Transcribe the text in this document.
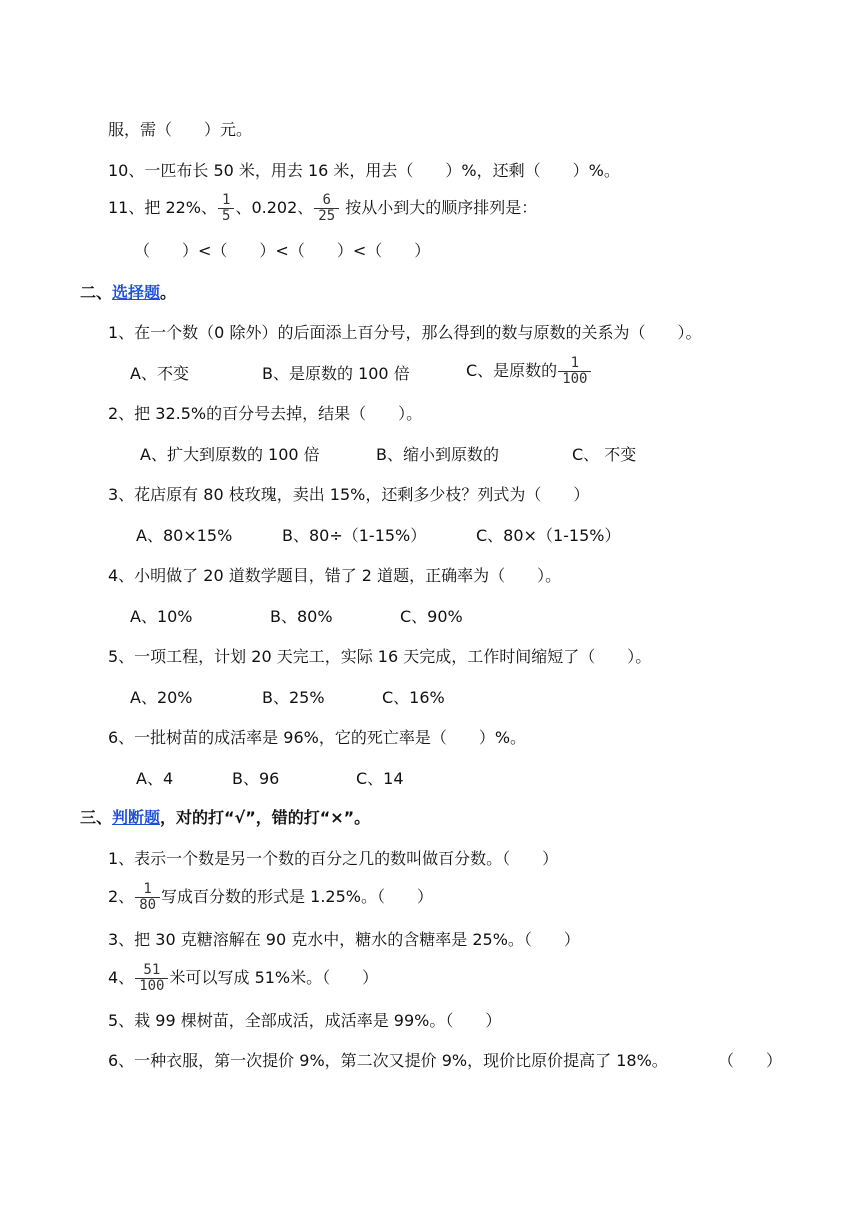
服，需（　　）元。
10、一匹布长 50 米，用去 16 米，用去（　　）%，还剩（　　）%。
11、把 22%、 $\frac{1}{5}$ 、0.202、 $\frac{6}{25}$ 按从小到大的顺序排列是：
（　　）<（　　）<（　　）<（　　）
二、选择题。
1、在一个数（0 除外）的后面添上百分号，那么得到的数与原数的关系为（　　）。
A、不变	B、是原数的 100 倍	C、是原数的 $\frac{1}{100}$
2、把 32.5%的百分号去掉，结果（　　）。
A、扩大到原数的 100 倍	B、缩小到原数的	C、 不变
3、花店原有 80 枝玫瑰，卖出 15%，还剩多少枝？列式为（　　）
A、80×15%	B、80÷（1-15%）	C、80×（1-15%）
4、小明做了 20 道数学题目，错了 2 道题，正确率为（　　）。
A、10%	B、80%	C、90%
5、一项工程，计划 20 天完工，实际 16 天完成，工作时间缩短了（　　）。
A、20%	B、25%	C、16%
6、一批树苗的成活率是 96%，它的死亡率是（　　）%。
A、4	B、96	C、14
三、判断题，对的打“√”，错的打“×”。
1、表示一个数是另一个数的百分之几的数叫做百分数。（　　）
2、 $\frac{1}{80}$ 写成百分数的形式是 1.25%。（　　）
3、把 30 克糖溶解在 90 克水中，糖水的含糖率是 25%。（　　）
4、 $\frac{51}{100}$ 米可以写成 51%米。（　　）
5、栽 99 棵树苗，全部成活，成活率是 99%。（　　）
6、一种衣服，第一次提价 9%，第二次又提价 9%，现价比原价提高了 18%。	（　　）
